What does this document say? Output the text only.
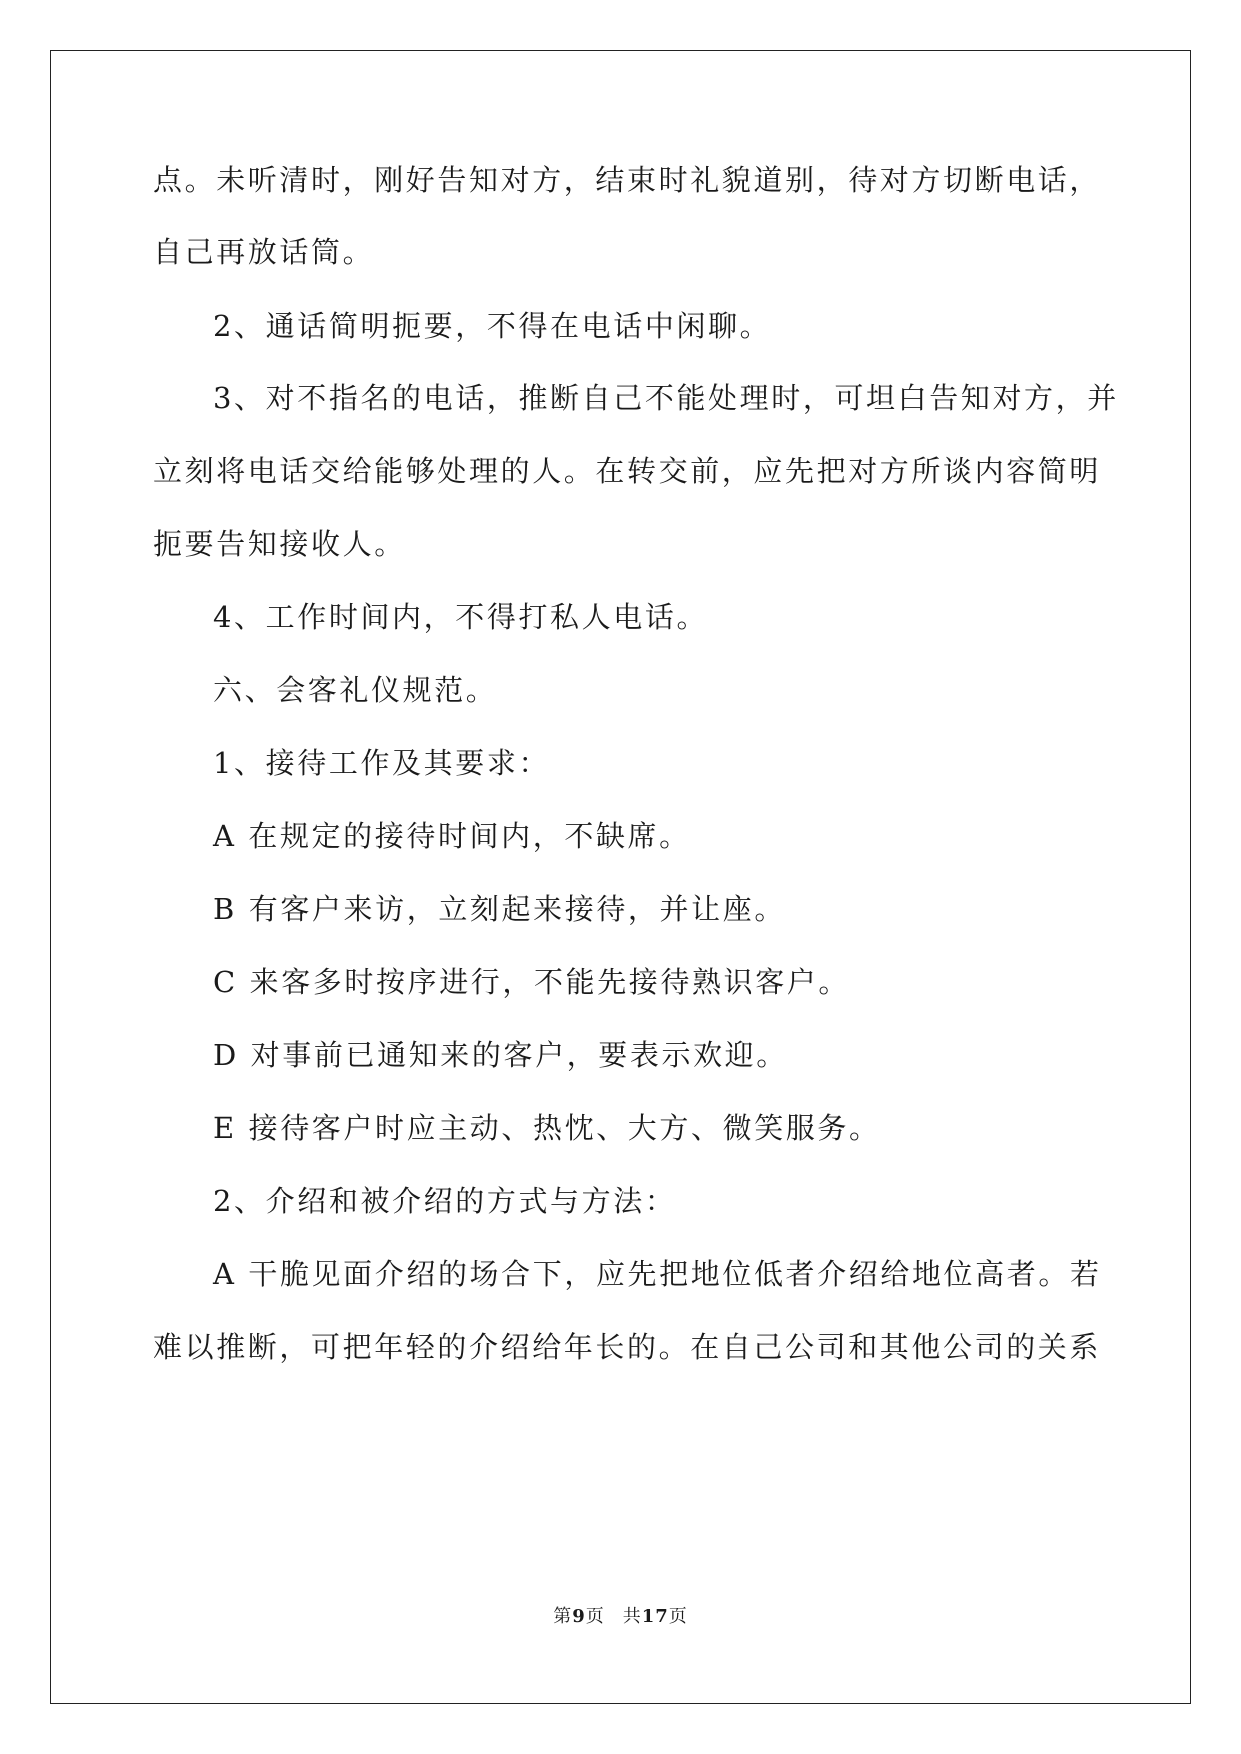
点。未听清时，刚好告知对方，结束时礼貌道别，待对方切断电话，
自己再放话筒。
2、通话简明扼要，不得在电话中闲聊。
3、对不指名的电话，推断自己不能处理时，可坦白告知对方，并
立刻将电话交给能够处理的人。在转交前，应先把对方所谈内容简明
扼要告知接收人。
4、工作时间内，不得打私人电话。
六、会客礼仪规范。
1、接待工作及其要求：
A 在规定的接待时间内，不缺席。
B 有客户来访，立刻起来接待，并让座。
C 来客多时按序进行，不能先接待熟识客户。
D 对事前已通知来的客户，要表示欢迎。
E 接待客户时应主动、热忱、大方、微笑服务。
2、介绍和被介绍的方式与方法：
A 干脆见面介绍的场合下，应先把地位低者介绍给地位高者。若
难以推断，可把年轻的介绍给年长的。在自己公司和其他公司的关系
第9页 共17页
